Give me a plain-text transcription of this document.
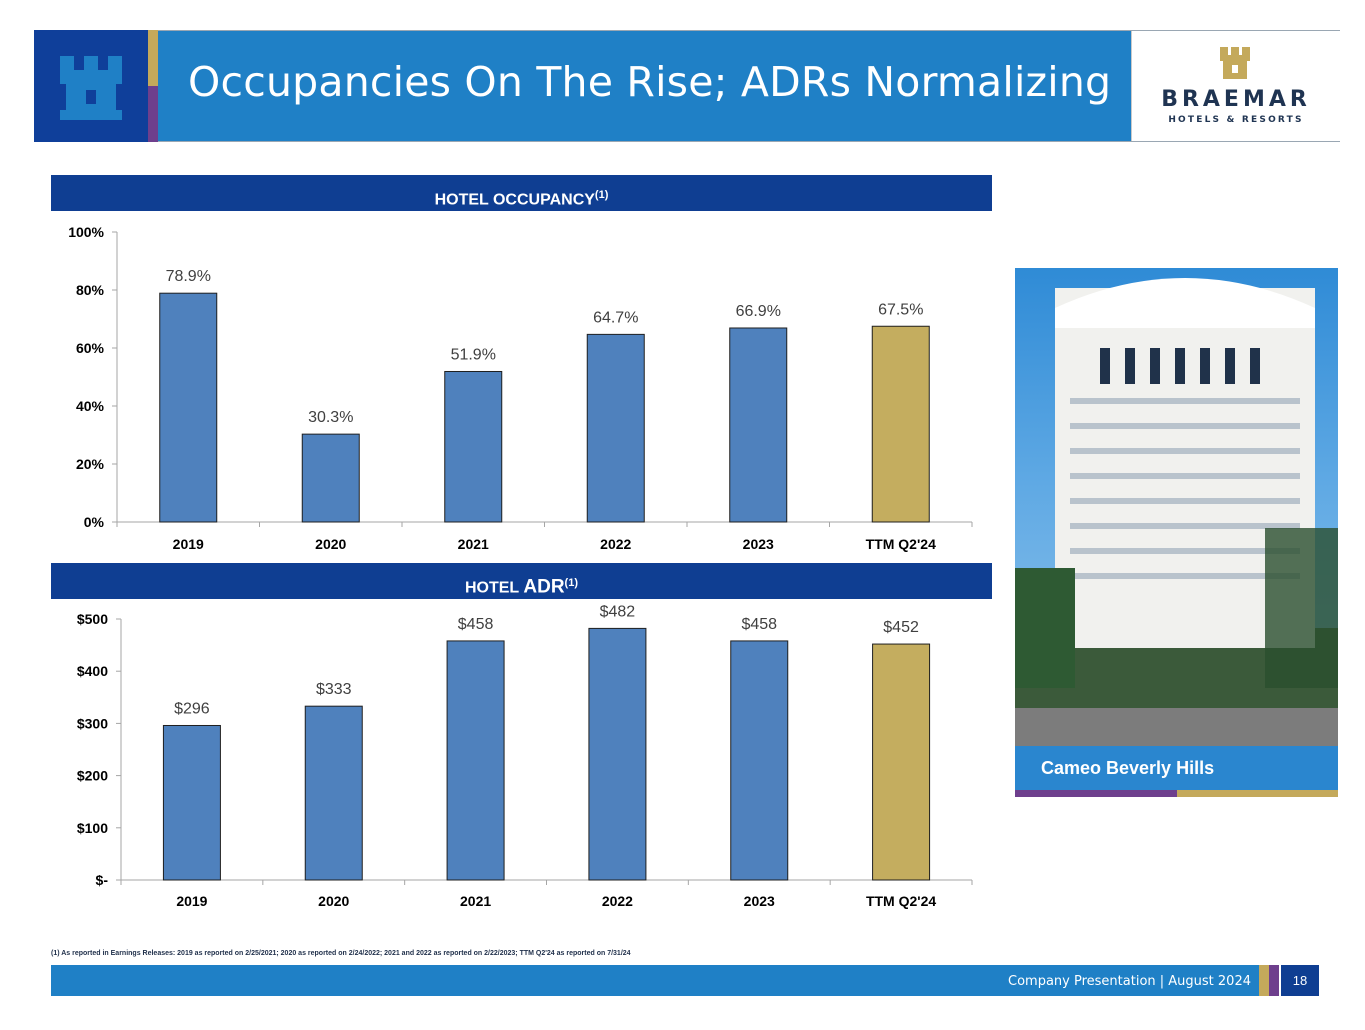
Occupancies On The Rise; ADRs Normalizing	BRAEMAR
HOTELS & RESORTS
HOTEL OCCUPANCY$^{(1)}$
HOTEL ADR$^{(1)}$
0%
20%
40%
60%
80%
100%
78.9%
2019
30.3%
2020
51.9%
2021
64.7%
2022
66.9%
2023
67.5%
TTM Q2'24
$-
$100
$200
$300
$400
$500
$296
2019
$333
2020
$458
2021
$482
2022
$458
2023
$452
TTM Q2'24
Cameo Beverly Hills
(1) As reported in Earnings Releases: 2019 as reported on 2/25/2021; 2020 as reported on 2/24/2022; 2021 and 2022 as reported on 2/22/2023; TTM Q2'24 as reported on 7/31/24
Company Presentation | August 2024	18
